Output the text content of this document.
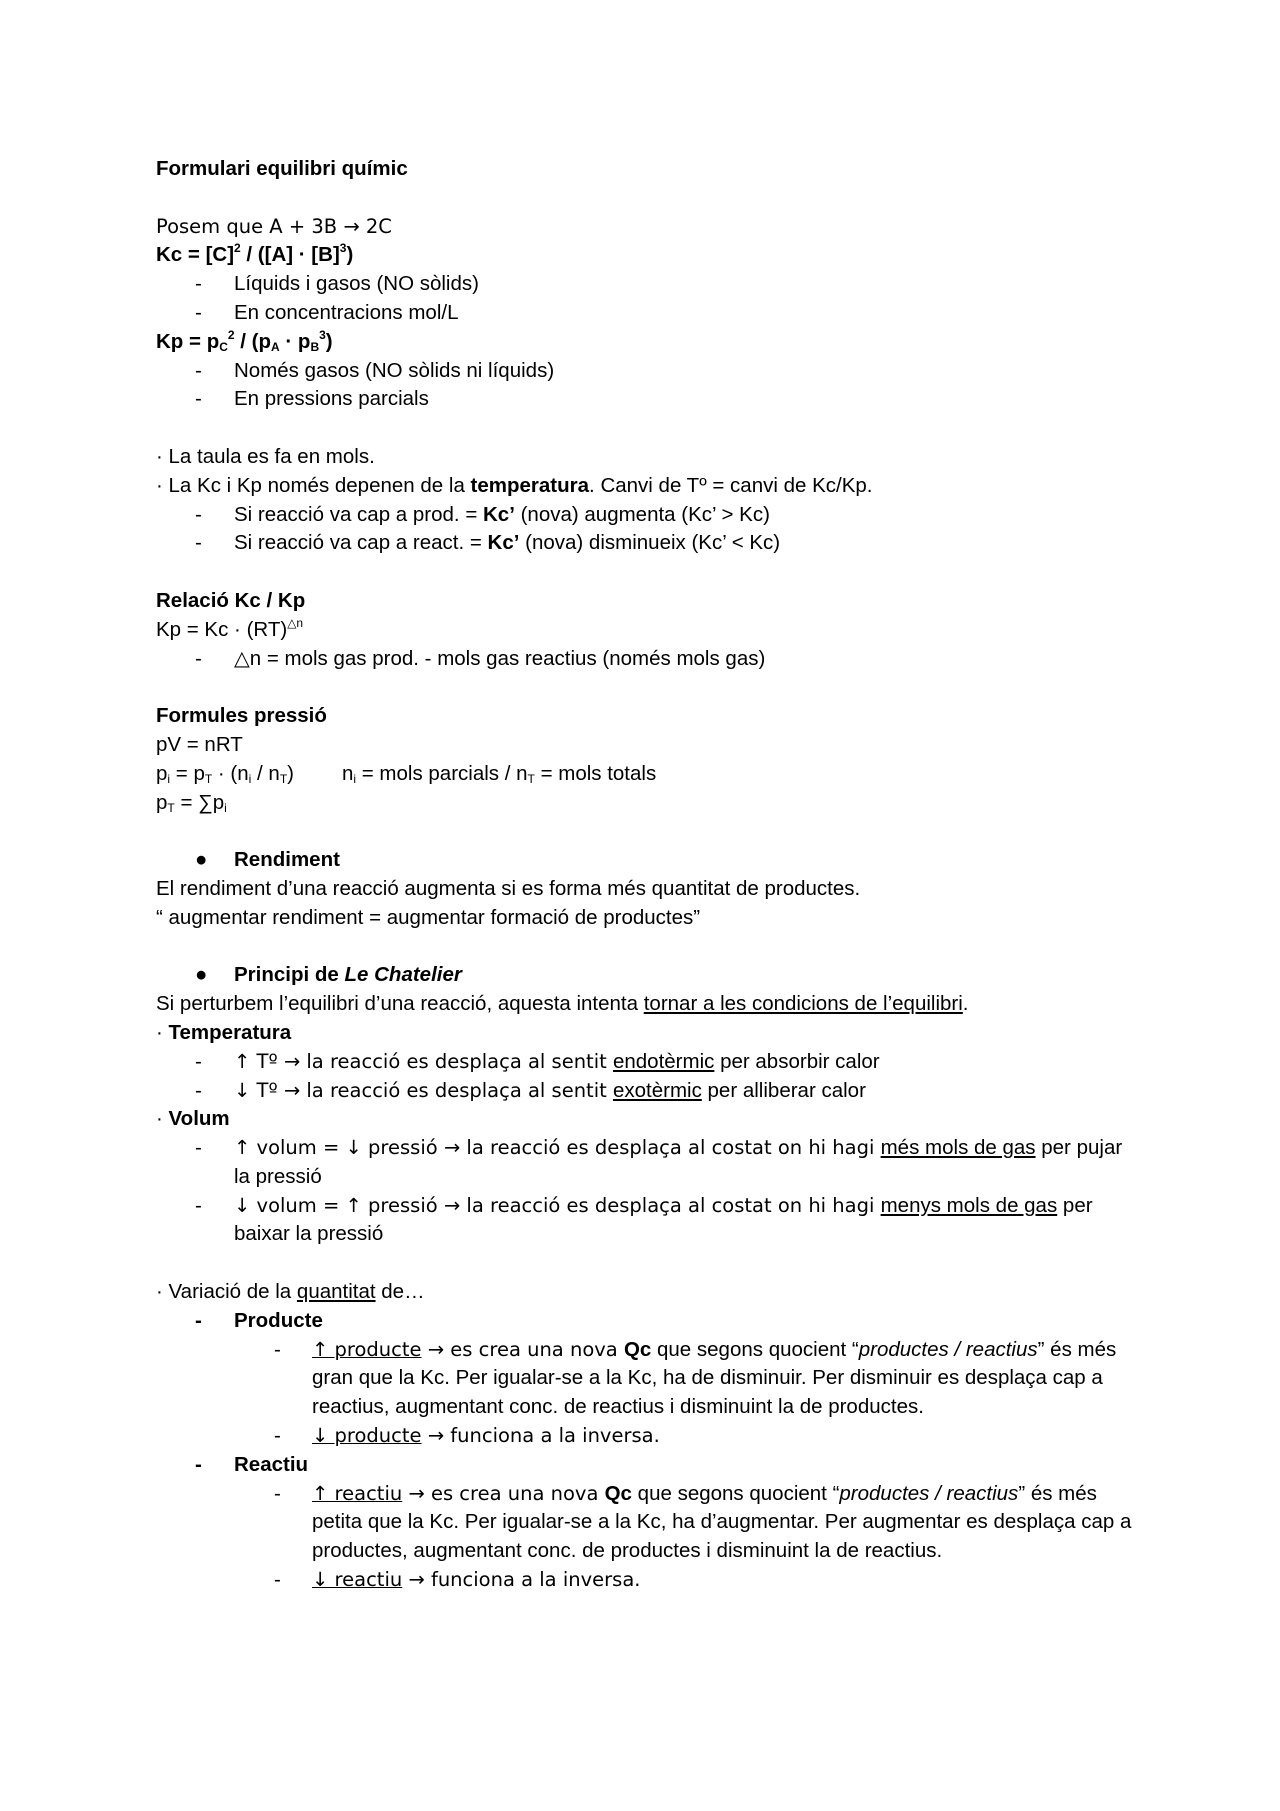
Formulari equilibri químic
Posem que A + 3B → 2C
$Kc = [C]^2 / ([A] \cdot [B]^3)$
- Líquids i gasos (NO sòlids)
- En concentracions mol/L
$Kp = p_C^2 / (p_A \cdot p_B^3)$
- Només gasos (NO sòlids ni líquids)
- En pressions parcials
· La taula es fa en mols.
· La Kc i Kp només depenen de la temperatura. Canvi de Tº = canvi de Kc/Kp.
- Si reacció va cap a prod. = Kc’ (nova) augmenta (Kc’ > Kc)
- Si reacció va cap a react. = Kc’ (nova) disminueix (Kc’ < Kc)
Relació Kc / Kp
Kp = Kc · (RT)$^{\triangle n}$
- △n = mols gas prod. - mols gas reactius (només mols gas)
Formules pressió
pV = nRT
$p_i = p_T \cdot (n_i / n_T) n_i$ = mols parcials / $n_T$ = mols totals
$p_T = \sum p_i$
● Rendiment
El rendiment d’una reacció augmenta si es forma més quantitat de productes.
“ augmentar rendiment = augmentar formació de productes”
● Principi de Le Chatelier
Si perturbem l’equilibri d’una reacció, aquesta intenta tornar a les condicions de l’equilibri.
· Temperatura
- ↑ Tº → la reacció es desplaça al sentit endotèrmic per absorbir calor
- ↓ Tº → la reacció es desplaça al sentit exotèrmic per alliberar calor
· Volum
- ↑ volum = ↓ pressió → la reacció es desplaça al costat on hi hagi més mols de gas per pujar la pressió
- ↓ volum = ↑ pressió → la reacció es desplaça al costat on hi hagi menys mols de gas per baixar la pressió
· Variació de la quantitat de…
- Producte
- ↑ producte → es crea una nova Qc que segons quocient “productes / reactius” és més gran que la Kc. Per igualar-se a la Kc, ha de disminuir. Per disminuir es desplaça cap a reactius, augmentant conc. de reactius i disminuint la de productes.
- ↓ producte → funciona a la inversa.
- Reactiu
- ↑ reactiu → es crea una nova Qc que segons quocient “productes / reactius” és més petita que la Kc. Per igualar-se a la Kc, ha d’augmentar. Per augmentar es desplaça cap a productes, augmentant conc. de productes i disminuint la de reactius.
- ↓ reactiu → funciona a la inversa.
